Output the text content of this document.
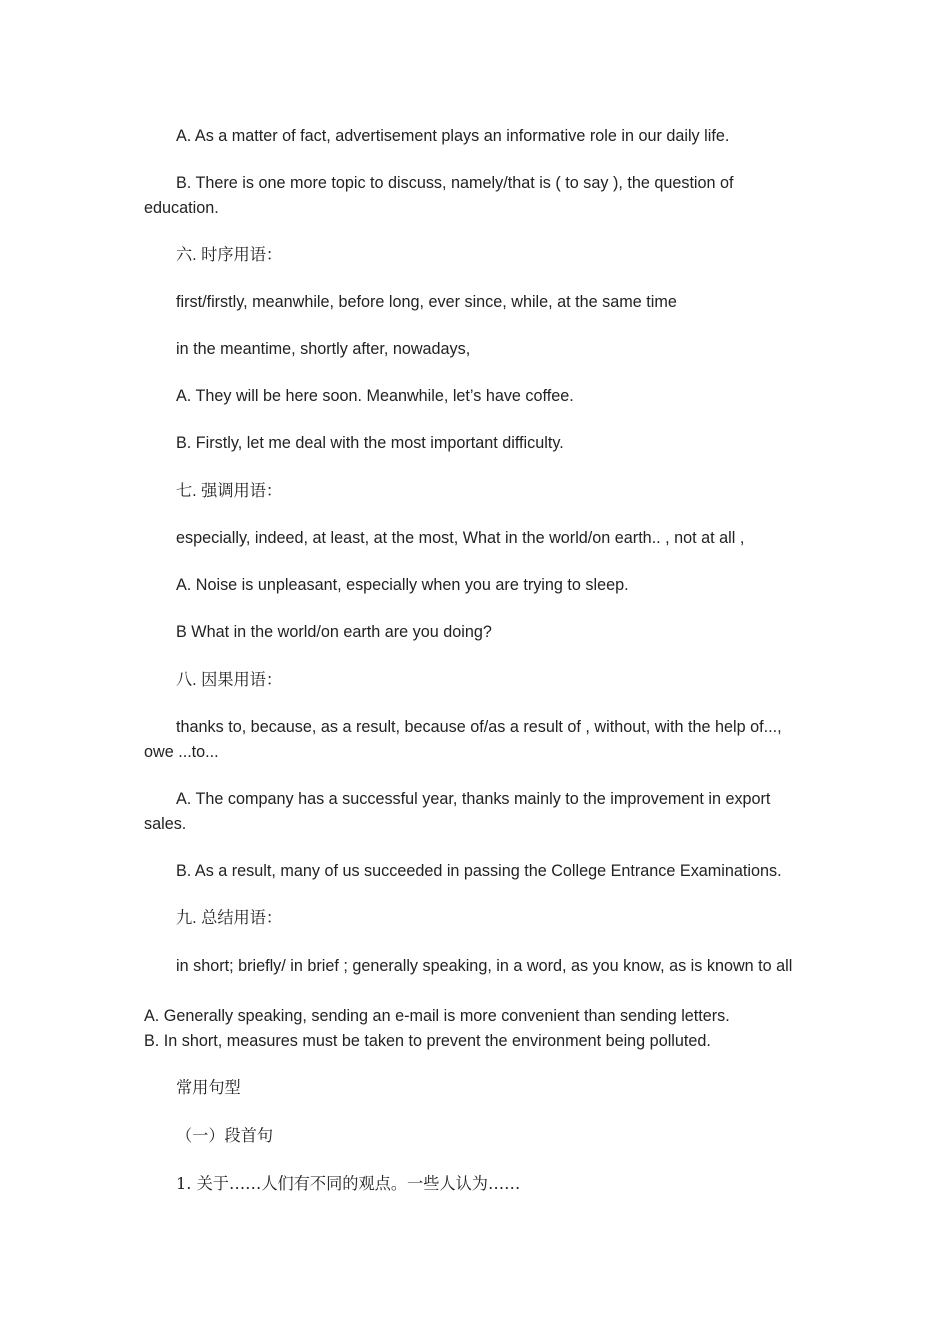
A. As a matter of fact, advertisement plays an informative role in our daily life.

B. There is one more topic to discuss, namely/that is ( to say ), the question of education.

六. 时序用语：

first/firstly, meanwhile, before long, ever since, while, at the same time

in the meantime, shortly after, nowadays,

A. They will be here soon. Meanwhile, let’s have coffee.

B. Firstly, let me deal with the most important difficulty.

七. 强调用语：

especially, indeed, at least, at the most, What in the world/on earth.. , not at all ,

A. Noise is unpleasant, especially when you are trying to sleep.

B What in the world/on earth are you doing?

八. 因果用语：

thanks to, because, as a result, because of/as a result of , without, with the help of..., owe ...to...

A. The company has a successful year, thanks mainly to the improvement in export sales.

B. As a result, many of us succeeded in passing the College Entrance Examinations.

九. 总结用语：

in short; briefly/ in brief ; generally speaking, in a word, as you know, as is known to all

A. Generally speaking, sending an e-mail is more convenient than sending letters.

B. In short, measures must be taken to prevent the environment being polluted.

常用句型

（一）段首句

1. 关于……人们有不同的观点。一些人认为……
